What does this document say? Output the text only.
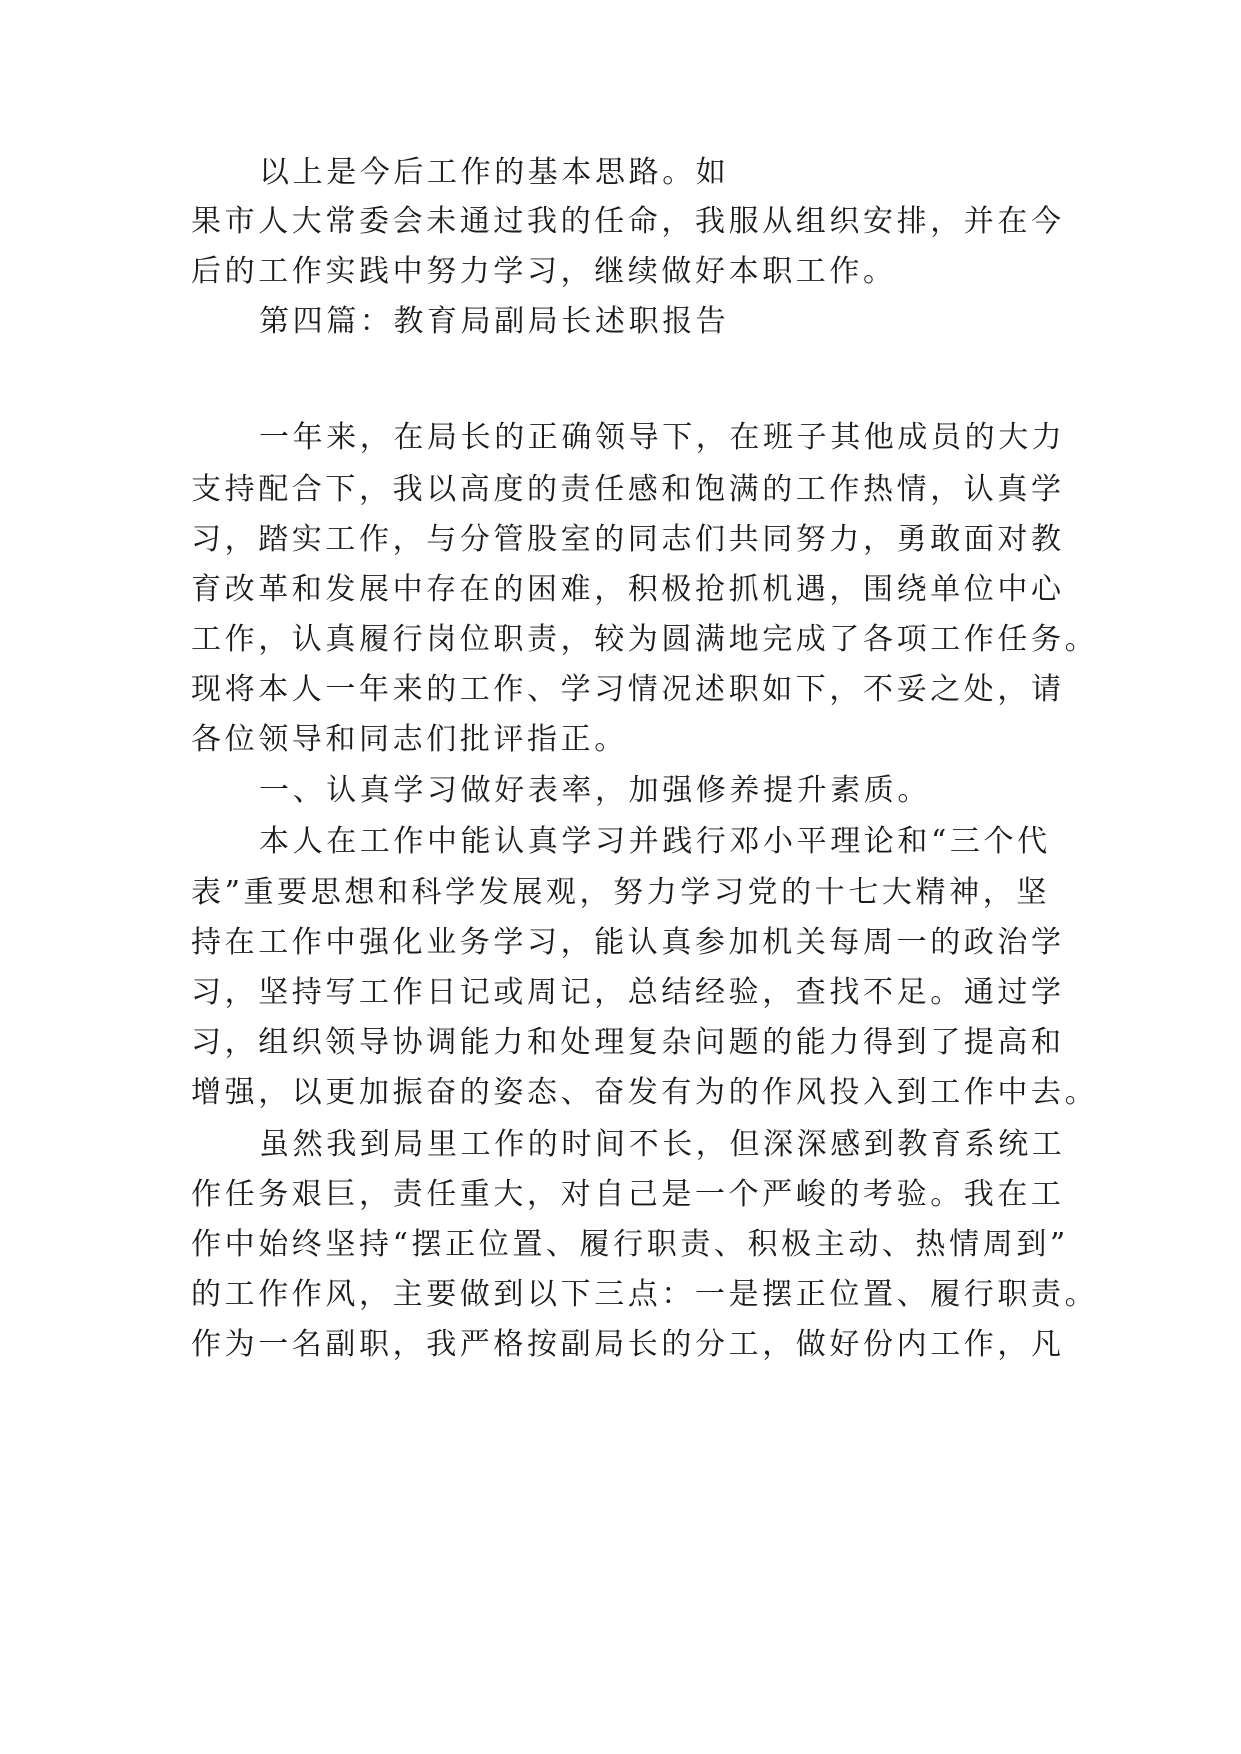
以上是今后工作的基本思路。如
果市人大常委会未通过我的任命，我服从组织安排，并在今
后的工作实践中努力学习，继续做好本职工作。
第四篇：教育局副局长述职报告
一年来，在局长的正确领导下，在班子其他成员的大力
支持配合下，我以高度的责任感和饱满的工作热情，认真学
习，踏实工作，与分管股室的同志们共同努力，勇敢面对教
育改革和发展中存在的困难，积极抢抓机遇，围绕单位中心
工作，认真履行岗位职责，较为圆满地完成了各项工作任务。
现将本人一年来的工作、学习情况述职如下，不妥之处，请
各位领导和同志们批评指正。
一、认真学习做好表率，加强修养提升素质。
本人在工作中能认真学习并践行邓小平理论和“三个代
表”重要思想和科学发展观，努力学习党的十七大精神，坚
持在工作中强化业务学习，能认真参加机关每周一的政治学
习，坚持写工作日记或周记，总结经验，查找不足。通过学
习，组织领导协调能力和处理复杂问题的能力得到了提高和
增强，以更加振奋的姿态、奋发有为的作风投入到工作中去。
虽然我到局里工作的时间不长，但深深感到教育系统工
作任务艰巨，责任重大，对自己是一个严峻的考验。我在工
作中始终坚持“摆正位置、履行职责、积极主动、热情周到”
的工作作风，主要做到以下三点：一是摆正位置、履行职责。
作为一名副职，我严格按副局长的分工，做好份内工作，凡
